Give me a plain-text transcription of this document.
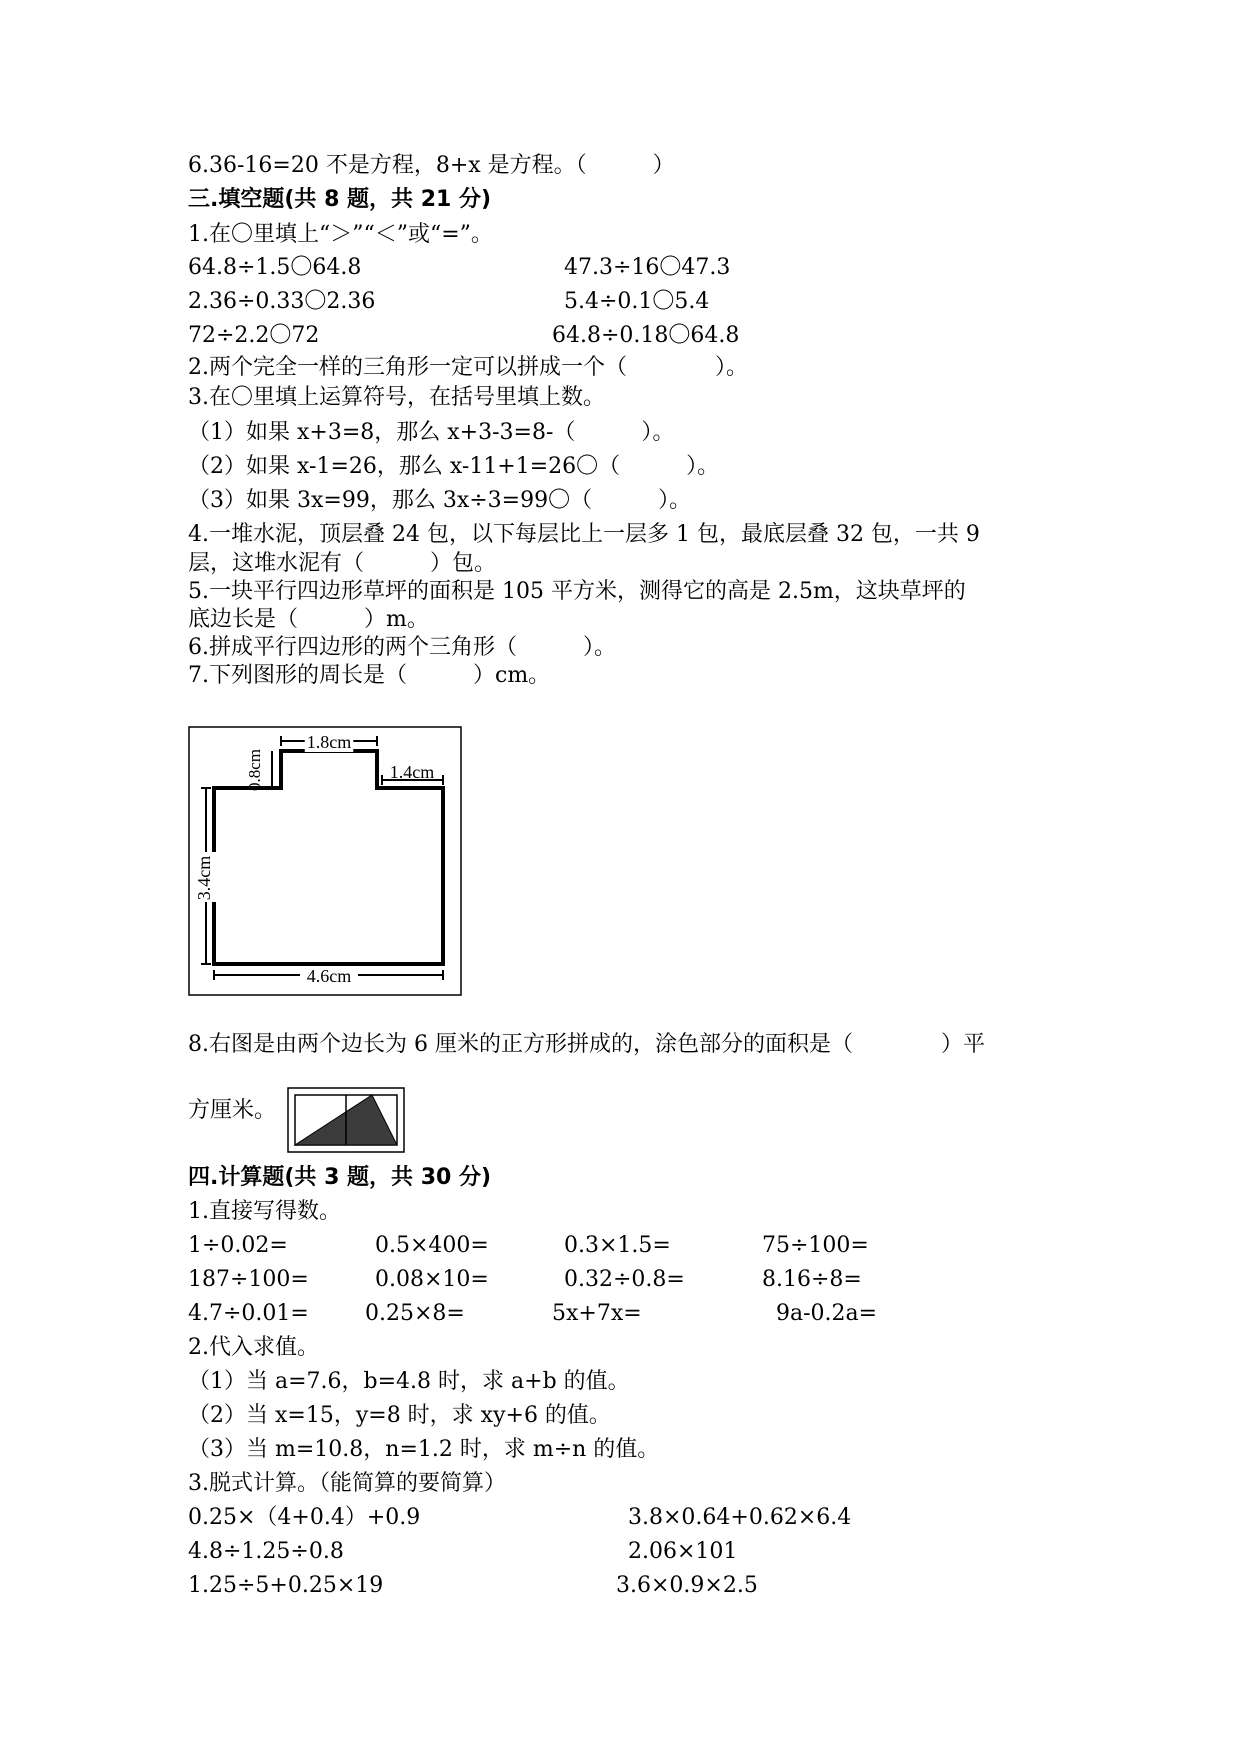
6.36-16=20 不是方程，8+x 是方程。（　　　）
三.填空题(共 8 题，共 21 分)
1.在〇里填上“＞”“＜”或“=”。
64.8÷1.5〇64.8	47.3÷16〇47.3
2.36÷0.33〇2.36	5.4÷0.1〇5.4
72÷2.2〇72	64.8÷0.18〇64.8
2.两个完全一样的三角形一定可以拼成一个（　　　　）。
3.在〇里填上运算符号，在括号里填上数。
（1）如果 x+3=8，那么 x+3-3=8-（　　　）。
（2）如果 x-1=26，那么 x-11+1=26〇（　　　）。
（3）如果 3x=99，那么 3x÷3=99〇（　　　）。
4.一堆水泥，顶层叠 24 包，以下每层比上一层多 1 包，最底层叠 32 包，一共 9
层，这堆水泥有（　　　）包。
5.一块平行四边形草坪的面积是 105 平方米，测得它的高是 2.5m，这块草坪的
底边长是（　　　）m。
6.拼成平行四边形的两个三角形（　　　）。
7.下列图形的周长是（　　　）cm。
1.8cm
0.8cm	1.4cm
3.4cm
4.6cm
8.右图是由两个边长为 6 厘米的正方形拼成的，涂色部分的面积是（　　　　）平
方厘米。
四.计算题(共 3 题，共 30 分)
1.直接写得数。
1÷0.02=	0.5×400=	0.3×1.5=	75÷100=
187÷100=	0.08×10=	0.32÷0.8=	8.16÷8=
4.7÷0.01=	0.25×8=	5x+7x=	9a-0.2a=
2.代入求值。
（1）当 a=7.6，b=4.8 时，求 a+b 的值。
（2）当 x=15，y=8 时，求 xy+6 的值。
（3）当 m=10.8，n=1.2 时，求 m÷n 的值。
3.脱式计算。（能简算的要简算）
0.25×（4+0.4）+0.9	3.8×0.64+0.62×6.4
4.8÷1.25÷0.8	2.06×101
1.25÷5+0.25×19	3.6×0.9×2.5
